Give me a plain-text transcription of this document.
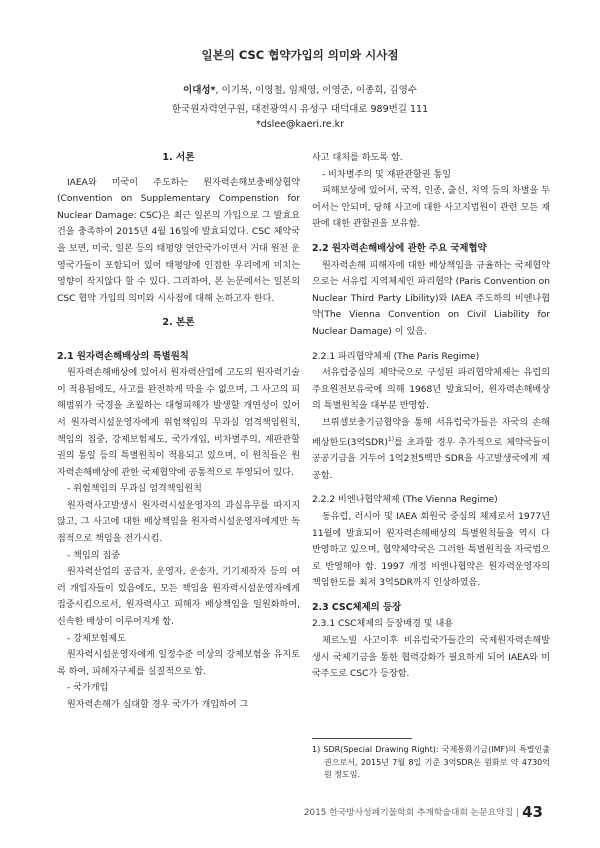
일본의 CSC 협약가입의 의미와 시사점
이대성*, 이기복, 이영철, 임채영, 이영준, 이종희, 김영수
한국원자력연구원, 대전광역시 유성구 대덕대로 989번길 111
*dslee@kaeri.re.kr

1. 서론

IAEA와 미국이 주도하는 원자력손해보충배상협약(Convention on Supplementary Compenstion for Nuclear Damage: CSC)은 최근 일본의 가입으로 그 발효요건을 충족하여 2015년 4월 16일에 발효되었다. CSC 체약국을 보면, 미국, 일본 등의 태평양 연안국가이면서 거대 원전 운영국가들이 포함되어 있어 태평양에 인접한 우리에게 미치는 영향이 작지않다 할 수 있다. 그리하여, 본 논문에서는 일본의 CSC 협약 가입의 의미와 시사점에 대해 논하고자 한다.

2. 본론

2.1 원자력손해배상의 특별원칙

원자력손해배상에 있어서 원자력산업에 고도의 원자력기술이 적용됨에도, 사고를 완전하게 막을 수 없으며, 그 사고의 피해범위가 국경을 초월하는 대형피해가 발생할 개연성이 있어서 원자력시설운영자에게 위험책임의 무과실 엄격책임원칙, 책임의 집중, 강제보험제도, 국가개입, 비차별주의, 재판관할권의 통일 등의 특별원칙이 적용되고 있으며, 이 원칙들은 원자력손해배상에 관한 국제협약에 공통적으로 투영되어 있다.

- 위험책임의 무과실 엄격책임원칙

원자력사고발생시 원자력시설운영자의 과실유무를 따지지 않고, 그 사고에 대한 배상책임을 원자력시설운영자에게만 독점적으로 책임을 전가시킴.

- 책임의 집중

원자력산업의 공급자, 운영자, 운송자, 기기제작자 등의 여러 개입자들이 있음에도, 모든 책임을 원자력시설운영자에게 집중시킴으로서, 원자력사고 피해자 배상책임을 일원화하여, 신속한 배상이 이루어지게 함.

- 강제보험제도

원자력시설운영자에게 일정수준 이상의 강제보험을 유지토록 하여, 피해자구제를 실질적으로 함.

- 국가개입

원자력손해가 심대할 경우 국가가 개입하여 그

사고 대처를 하도록 함.

- 비차별주의 및 재판관할권 통일

피해보상에 있어서, 국적, 인종, 출신, 지역 등의 차별을 두어서는 안되며, 당해 사고에 대한 사고지법원이 관련 모든 재판에 대한 관할권을 보유함.

2.2 원자력손해배상에 관한 주요 국제협약

원자력손해 피해자에 대한 배상책임을 규율하는 국제협약으로는 서유럽 지역체제인 파리협약 (Paris Convention on Nuclear Third Party Libility)와 IAEA 주도하의 비엔나협약(The Vienna Convention on Civil Liability for Nuclear Damage) 이 있음.

2.2.1 파리협약체제 (The Paris Regime)

서유럽중심의 체약국으로 구성된 파리협약체제는 유럽의 주요원전보유국에 의해 1968년 발효되어, 원자력손해배상의 특별원칙을 대부분 반영함.

브뤼셀보충기금협약을 통해 서유럽국가들은 자국의 손해배상한도(3억SDR)$^{1)}$를 초과할 경우 추가적으로 체약국들이 공공기금을 거두어 1억2천5백만 SDR을 사고발생국에게 제공함.

2.2.2 비엔나협약체제 (The Vienna Regime)

동유럽, 러시아 및 IAEA 회원국 중심의 체제로서 1977년 11월에 발효되어 원자력손해배상의 특별원칙들을 역시 다 반영하고 있으며, 협약체약국은 그러한 특별원칙을 자국법으로 반영해야 함. 1997 개정 비엔나협약은 원자력운영자의 책임한도를 최저 3억SDR까지 인상하였음.

2.3 CSC체제의 등장

2.3.1 CSC체제의 등장배경 및 내용

체르노빌 사고이후 비유럽국가들간의 국제원자력손해발생시 국제기금을 통한 협력강화가 필요하게 되어 IAEA와 미국주도로 CSC가 등장함.

1) SDR(Special Drawing Right): 국제통화기금(IMF)의 특별인출권으로서, 2015년 7월 8일 기준 3억SDR은 원화로 약 4730억원 정도임.

2015 한국방사성폐기물학회 추계학술대회 논문요약집 | 43
